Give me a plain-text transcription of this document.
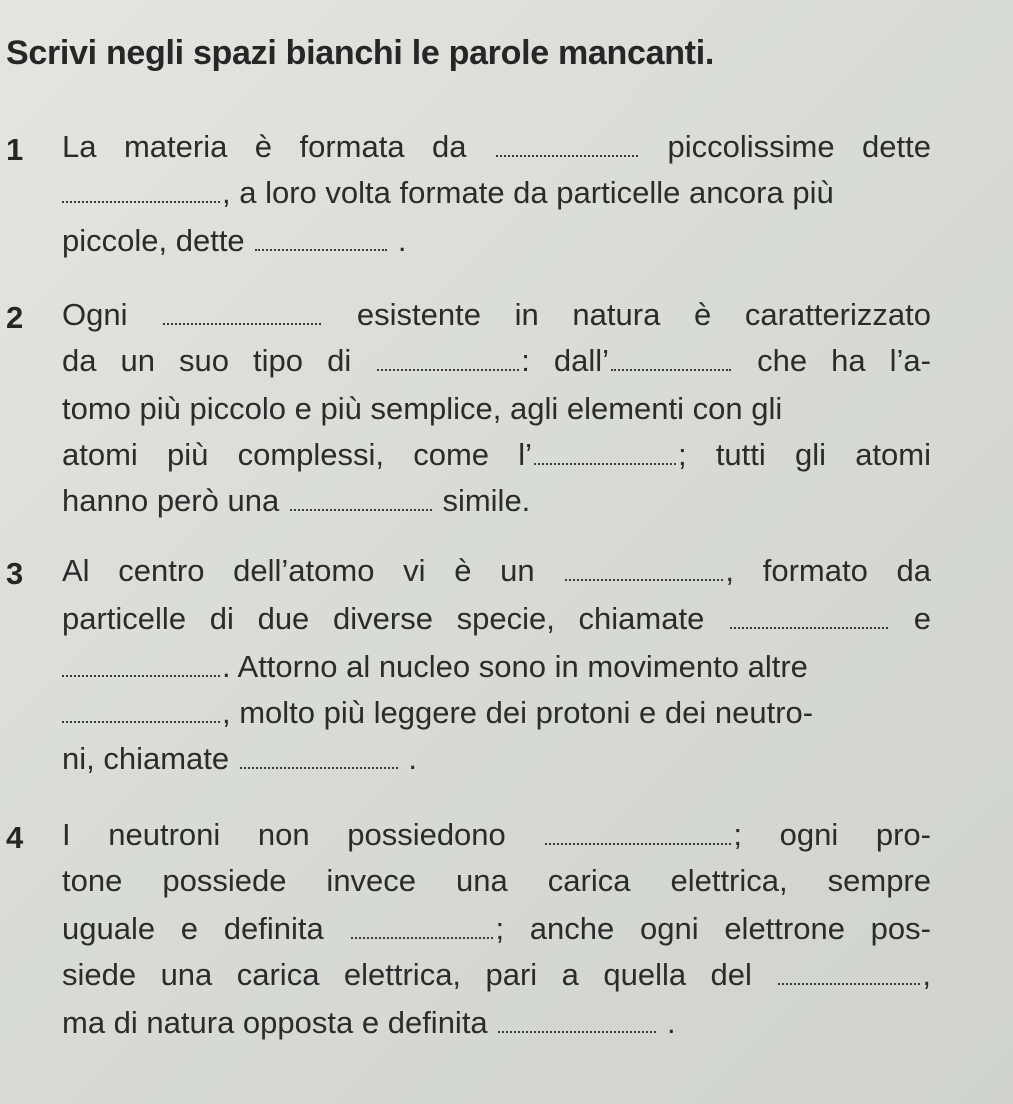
Scrivi negli spazi bianchi le parole mancanti.
1 La materia è formata da	piccolissime dette
, a loro volta formate da particelle ancora più
piccole, dette	.
2 Ogni	esistente in natura è caratterizzato
da un suo tipo di	: dall’	che ha l’a-
tomo più piccolo e più semplice, agli elementi con gli
atomi più complessi, come l’	; tutti gli atomi
hanno però una	simile.
3 Al centro dell’atomo vi è un	, formato da
particelle di due diverse specie, chiamate	e
. Attorno al nucleo sono in movimento altre
, molto più leggere dei protoni e dei neutro-
ni, chiamate	.
4 I neutroni non possiedono	; ogni pro-
tone possiede invece una carica elettrica, sempre
uguale e definita	; anche ogni elettrone pos-
siede una carica elettrica, pari a quella del	,
ma di natura opposta e definita	.
